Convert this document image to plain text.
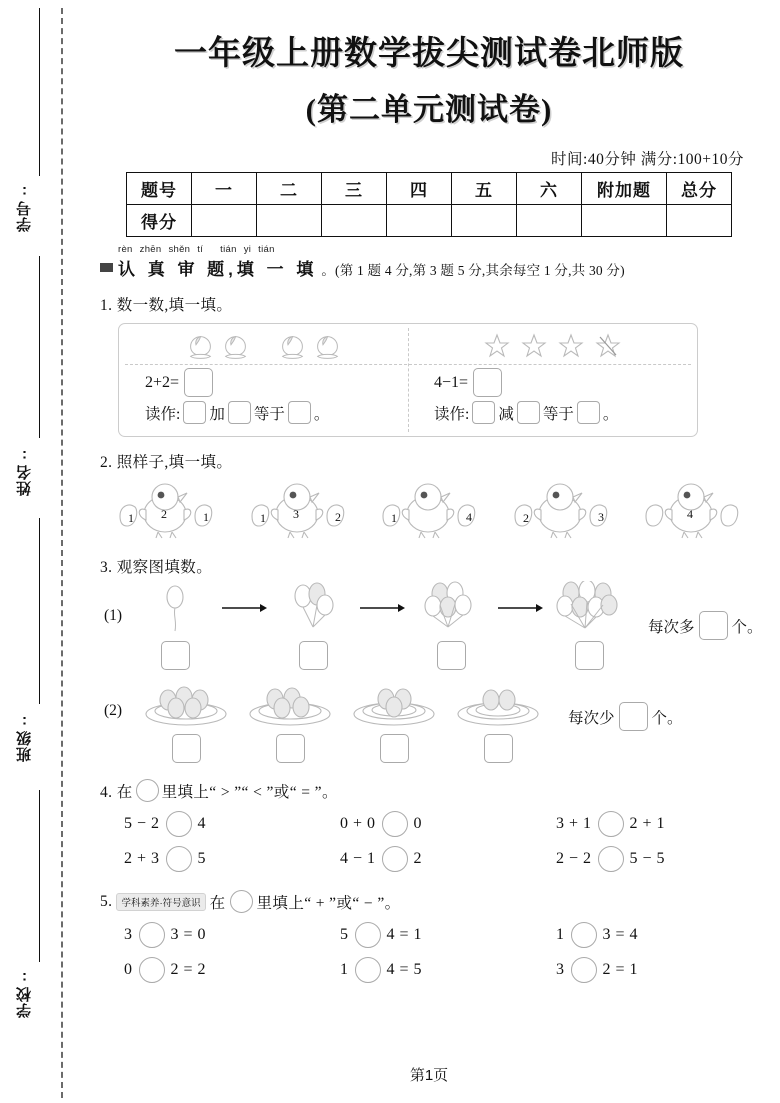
学号:
姓名:
班级:
学校:
一年级上册数学拔尖测试卷北师版
(第二单元测试卷)
时间:40分钟 满分:100+10分
题号	一	二	三	四	五	六	附加题	总分
得分								
rèn zhēn shěn tí tián yi tián
认 真 审 题,填 一 填 。(第 1 题 4 分,第 3 题 5 分,其余每空 1 分,共 30 分)
1. 数一数,填一填。
2+2=
读作: 加 等于 。
4−1=
读作: 减 等于 。
2. 照样子,填一填。
1 2	1	1 3	2	1	4	2	3	4
3. 观察图填数。
(1)
每次多 个。
(2)	每次少 个。
4. 在 里填上“ > ”“ < ”或“ = ”。
5 − 2 4	0 + 0 0	3 + 1 2 + 1
2 + 3 5	4 − 1 2	2 − 2 5 − 5
5. 学科素养·符号意识 在 里填上“ + ”或“ − ”。
3 3 = 0	5 4 = 1	1 3 = 4
0 2 = 2	1 4 = 5	3 2 = 1
第1页
